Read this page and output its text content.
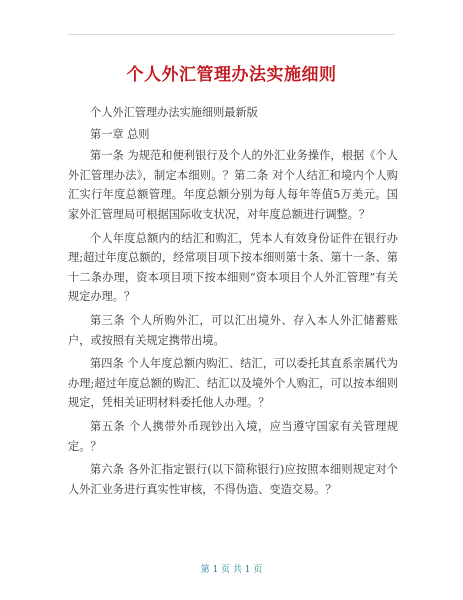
个人外汇管理办法实施细则

个人外汇管理办法实施细则最新版

第一章 总则

第一条 为规范和便利银行及个人的外汇业务操作，根据《个人外汇管理办法》，制定本细则。？第二条 对个人结汇和境内个人购汇实行年度总额管理。年度总额分别为每人每年等值5万美元。国家外汇管理局可根据国际收支状况，对年度总额进行调整。？

个人年度总额内的结汇和购汇，凭本人有效身份证件在银行办理;超过年度总额的，经常项目项下按本细则第十条、第十一条、第十二条办理，资本项目项下按本细则“资本项目个人外汇管理”有关规定办理。？

第三条 个人所购外汇，可以汇出境外、存入本人外汇储蓄账户，或按照有关规定携带出境。

第四条 个人年度总额内购汇、结汇，可以委托其直系亲属代为办理;超过年度总额的购汇、结汇以及境外个人购汇，可以按本细则规定，凭相关证明材料委托他人办理。？

第五条 个人携带外币现钞出入境，应当遵守国家有关管理规定。？

第六条 各外汇指定银行(以下简称银行)应按照本细则规定对个人外汇业务进行真实性审核，不得伪造、变造交易。？

第 1 页 共 1 页
